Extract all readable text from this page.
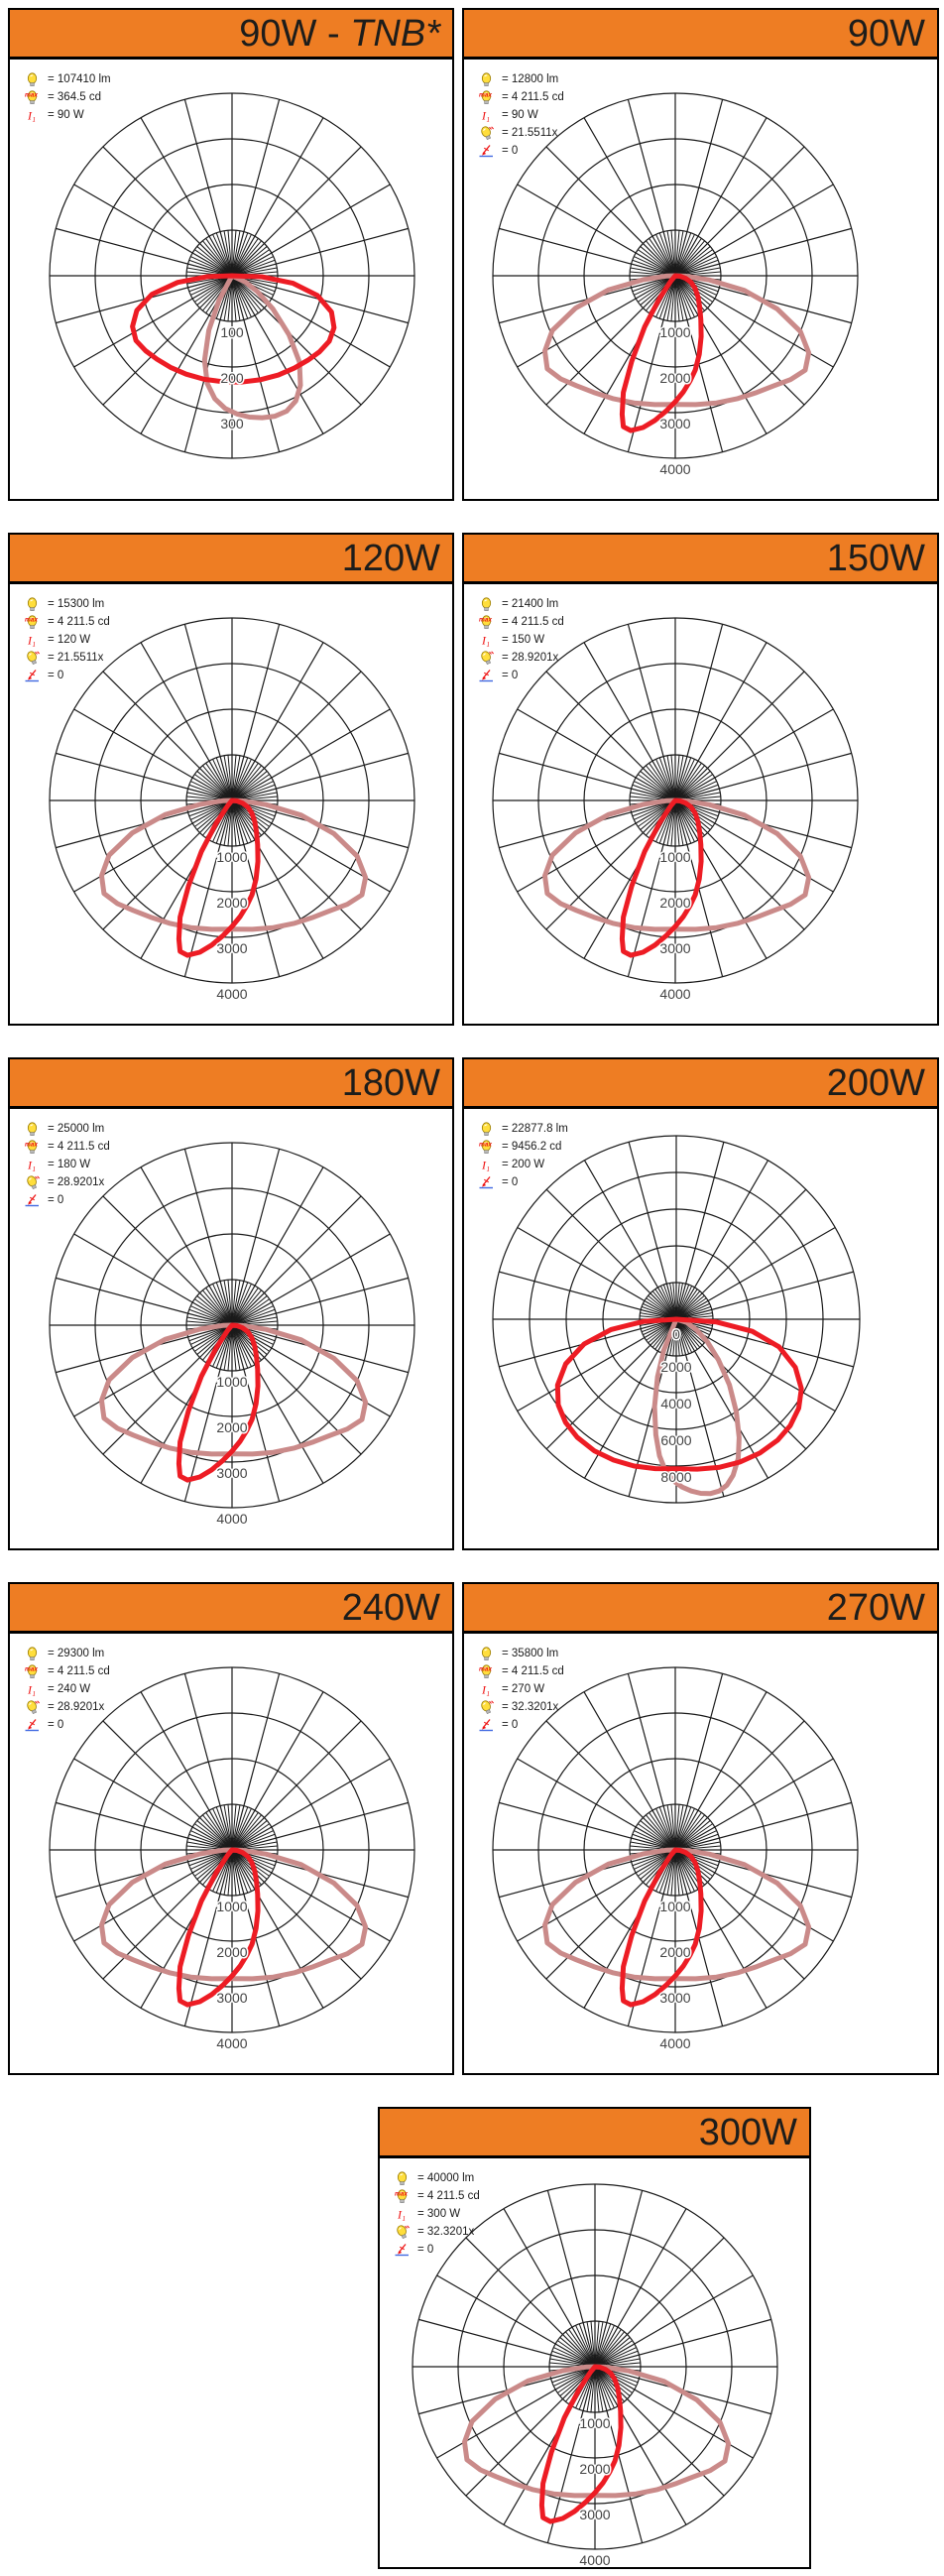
90W - TNB*
100
200
300
= 107410 lm
max = 364.5 cd
I 1 = 90 W
90W
1000
2000
3000
4000
= 12800 lm
max = 4 211.5 cd
I 1 = 90 W
= 21.5511x
= 0
120W
1000
2000
3000
4000
= 15300 lm
max = 4 211.5 cd
I 1 = 120 W
= 21.5511x
= 0
150W
1000
2000
3000
4000
= 21400 lm
max = 4 211.5 cd
I 1 = 150 W
= 28.9201x
= 0
180W
1000
2000
3000
4000
= 25000 lm
max = 4 211.5 cd
I 1 = 180 W
= 28.9201x
= 0
200W
0
2000
4000
6000
8000
= 22877.8 lm
max = 9456.2 cd
I 1 = 200 W
= 0
240W
1000
2000
3000
4000
= 29300 lm
max = 4 211.5 cd
I 1 = 240 W
= 28.9201x
= 0
270W
1000
2000
3000
4000
= 35800 lm
max = 4 211.5 cd
I 1 = 270 W
= 32.3201x
= 0
300W
1000
2000
3000
4000
= 40000 lm
max = 4 211.5 cd
I 1 = 300 W
= 32.3201x
= 0
